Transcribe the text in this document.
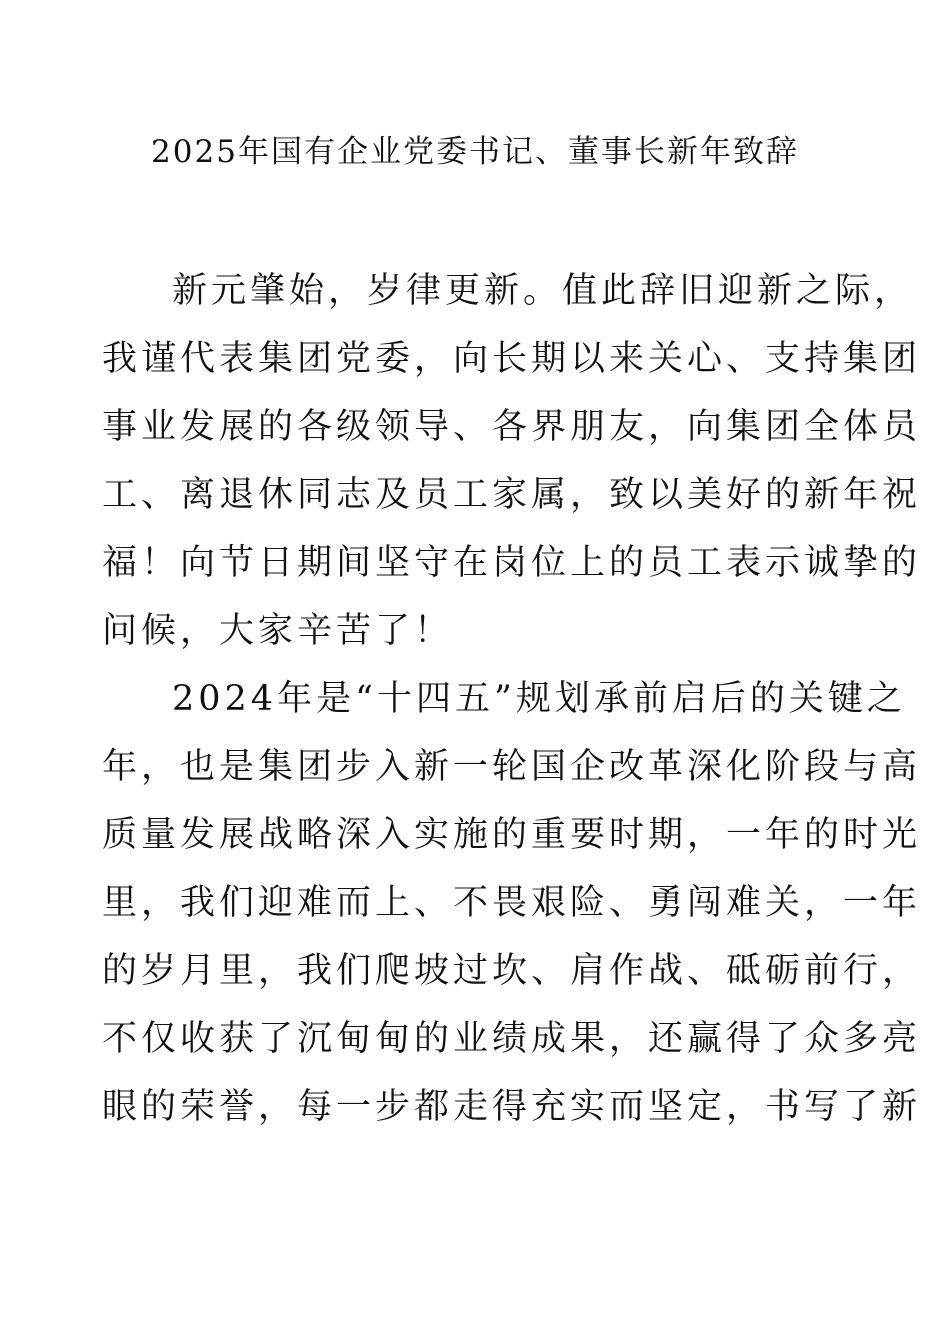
2025年国有企业党委书记、董事长新年致辞
新元肇始，岁律更新。值此辞旧迎新之际，
我谨代表集团党委，向长期以来关心、支持集团
事业发展的各级领导、各界朋友，向集团全体员
工、离退休同志及员工家属，致以美好的新年祝
福！向节日期间坚守在岗位上的员工表示诚挚的
问候，大家辛苦了！
2024年是“十四五”规划承前启后的关键之
年，也是集团步入新一轮国企改革深化阶段与高
质量发展战略深入实施的重要时期，一年的时光
里，我们迎难而上、不畏艰险、勇闯难关，一年
的岁月里，我们爬坡过坎、肩作战、砥砺前行，
不仅收获了沉甸甸的业绩成果，还赢得了众多亮
眼的荣誉，每一步都走得充实而坚定，书写了新
